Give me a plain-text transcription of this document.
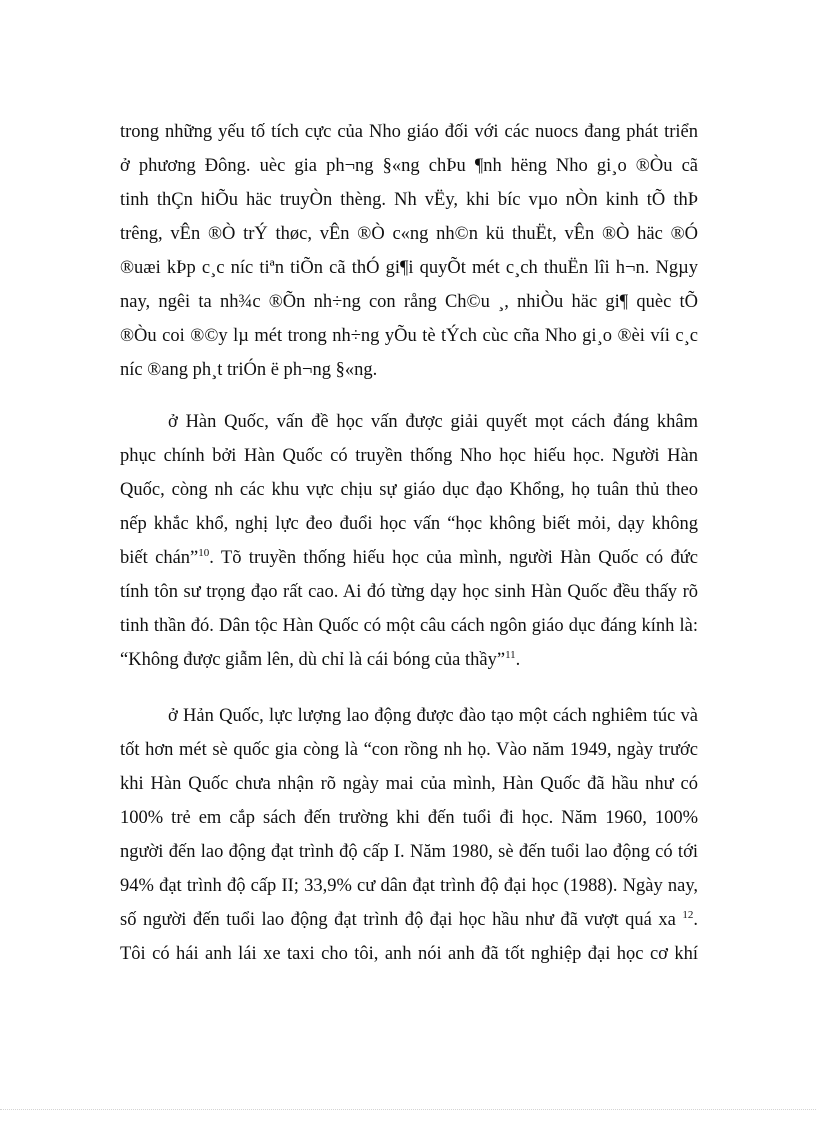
trong những yếu tố tích cực của Nho giáo đối với các nuocs đang phát triển
ở phương Đông. uèc gia ph¬ng §«ng chÞu ¶nh hëng Nho gi¸o ®Òu cã
tinh thÇn hiÕu häc truyÒn thèng. Nh vËy, khi bíc vµo nÒn kinh tÕ thÞ
trêng, vÊn ®Ò trÝ thøc, vÊn ®Ò c«ng nh©n kü thuËt, vÊn ®Ò häc ®Ó
®uæi kÞp c¸c níc tiªn tiÕn cã thÓ gi¶i quyÕt mét c¸ch thuËn lîi h¬n. Ngµy
nay, ngêi ta nh¾c ®Õn nh÷ng con rång Ch©u ¸, nhiÒu häc gi¶ quèc tÕ
®Òu coi ®©y lµ mét trong nh÷ng yÕu tè tÝch cùc cña Nho gi¸o ®èi víi c¸c
níc ®ang ph¸t triÓn ë ph¬ng §«ng.
ở Hàn Quốc, vấn đề học vấn được giải quyết mọt cách đáng khâm
phục chính bởi Hàn Quốc có truyền thống Nho học hiếu học. Người Hàn
Quốc, còng nh các khu vực chịu sự giáo dục đạo Khổng, họ tuân thủ theo
nếp khắc khổ, nghị lực đeo đuổi học vấn “học không biết mỏi, dạy không
biết chán”$^{10}$. Tõ truyền thống hiếu học của mình, người Hàn Quốc có đức
tính tôn sư trọng đạo rất cao. Ai đó từng dạy học sinh Hàn Quốc đều thấy rõ
tinh thần đó. Dân tộc Hàn Quốc có một câu cách ngôn giáo dục đáng kính là:
“Không được giẫm lên, dù chỉ là cái bóng của thầy”$^{11}$.
ở Hản Quốc, lực lượng lao động được đào tạo một cách nghiêm túc và
tốt hơn mét sè quốc gia còng là “con rồng nh họ. Vào năm 1949, ngày trước
khi Hàn Quốc chưa nhận rõ ngày mai của mình, Hàn Quốc đã hầu như có
100% trẻ em cắp sách đến trường khi đến tuổi đi học. Năm 1960, 100%
người đến lao động đạt trình độ cấp I. Năm 1980, sè đến tuổi lao động có tới
94% đạt trình độ cấp II; 33,9% cư dân đạt trình độ đại học (1988). Ngày nay,
số người đến tuổi lao động đạt trình độ đại học hầu như đã vượt quá xa $^{12}$.
Tôi có hái anh lái xe taxi cho tôi, anh nói anh đã tốt nghiệp đại học cơ khí
